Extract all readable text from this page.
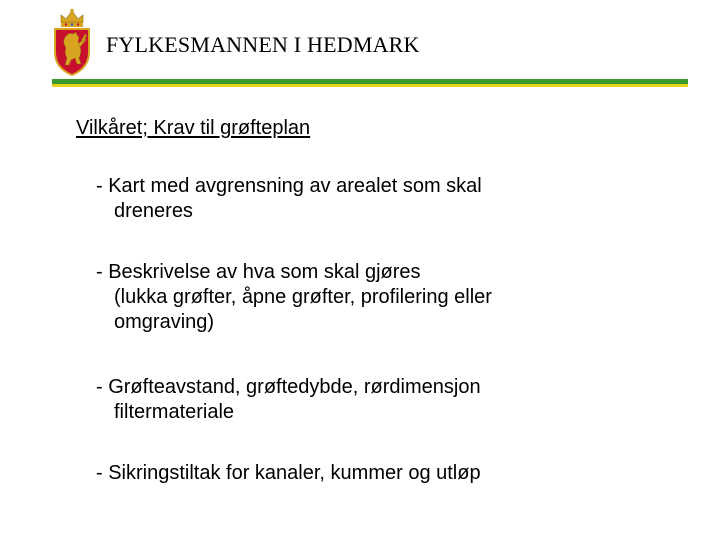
FYLKESMANNEN I HEDMARK
Vilkåret; Krav til grøfteplan
- Kart med avgrensning av arealet som skal
dreneres
- Beskrivelse av hva som skal gjøres
(lukka grøfter, åpne grøfter, profilering eller
omgraving)
- Grøfteavstand, grøftedybde, rørdimensjon
filtermateriale
- Sikringstiltak for kanaler, kummer og utløp
